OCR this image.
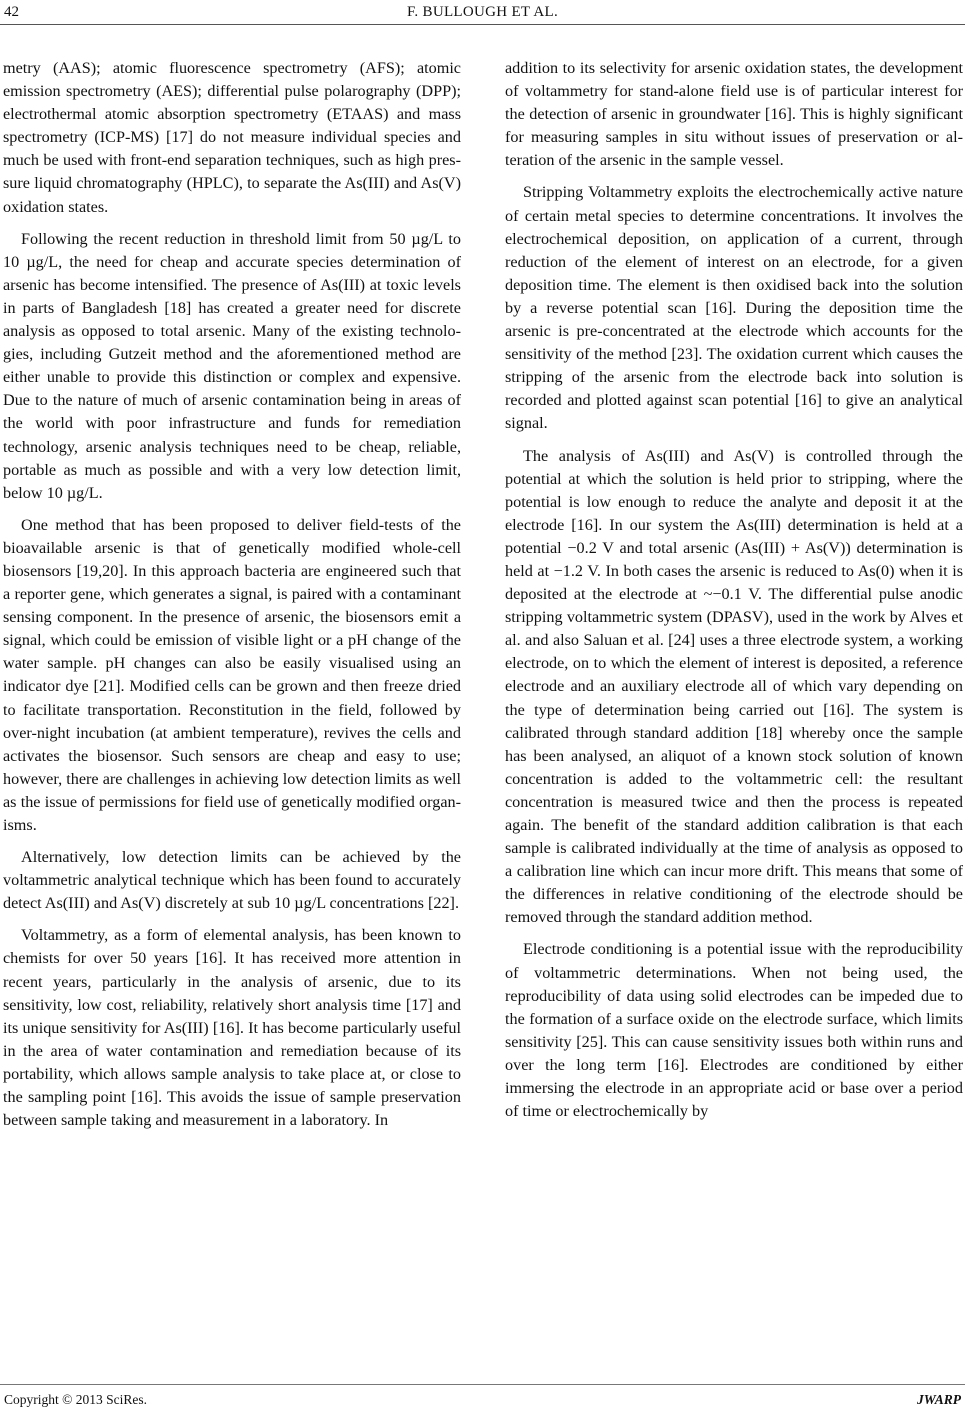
42	F. BULLOUGH ET AL.

metry (AAS); atomic fluorescence spectrometry (AFS); atomic emission spectrometry (AES); differential pulse polarography (DPP); electrothermal atomic absorption spectrometry (ETAAS) and mass spectrometry (ICP-MS) [17] do not measure individual species and much be used with front-end separation techniques, such as high pressure liquid chromatography (HPLC), to separate the As(III) and As(V) oxidation states.

Following the recent reduction in threshold limit from 50 µg/L to 10 µg/L, the need for cheap and accurate species determination of arsenic has become intensified. The presence of As(III) at toxic levels in parts of Bangladesh [18] has created a greater need for discrete analysis as opposed to total arsenic. Many of the existing technologies, including Gutzeit method and the aforementioned method are either unable to provide this distinction or complex and expensive. Due to the nature of much of arsenic contamination being in areas of the world with poor infrastructure and funds for remediation technology, arsenic analysis techniques need to be cheap, reliable, portable as much as possible and with a very low detection limit, below 10 µg/L.

One method that has been proposed to deliver field-tests of the bioavailable arsenic is that of genetically modified whole-cell biosensors [19,20]. In this approach bacteria are engineered such that a reporter gene, which generates a signal, is paired with a contaminant sensing component. In the presence of arsenic, the biosensors emit a signal, which could be emission of visible light or a pH change of the water sample. pH changes can also be easily visualised using an indicator dye [21]. Modified cells can be grown and then freeze dried to facilitate transportation. Reconstitution in the field, followed by over-night incubation (at ambient temperature), revives the cells and activates the biosensor. Such sensors are cheap and easy to use; however, there are challenges in achieving low detection limits as well as the issue of permissions for field use of genetically modified organisms.

Alternatively, low detection limits can be achieved by the voltammetric analytical technique which has been found to accurately detect As(III) and As(V) discretely at sub 10 µg/L concentrations [22].

Voltammetry, as a form of elemental analysis, has been known to chemists for over 50 years [16]. It has received more attention in recent years, particularly in the analysis of arsenic, due to its sensitivity, low cost, reliability, relatively short analysis time [17] and its unique sensitivity for As(III) [16]. It has become particularly useful in the area of water contamination and remediation because of its portability, which allows sample analysis to take place at, or close to the sampling point [16]. This avoids the issue of sample preservation between sample taking and measurement in a laboratory. In

addition to its selectivity for arsenic oxidation states, the development of voltammetry for stand-alone field use is of particular interest for the detection of arsenic in groundwater [16]. This is highly significant for measuring samples in situ without issues of preservation or alteration of the arsenic in the sample vessel.

Stripping Voltammetry exploits the electrochemically active nature of certain metal species to determine concentrations. It involves the electrochemical deposition, on application of a current, through reduction of the element of interest on an electrode, for a given deposition time. The element is then oxidised back into the solution by a reverse potential scan [16]. During the deposition time the arsenic is pre-concentrated at the electrode which accounts for the sensitivity of the method [23]. The oxidation current which causes the stripping of the arsenic from the electrode back into solution is recorded and plotted against scan potential [16] to give an analytical signal.

The analysis of As(III) and As(V) is controlled through the potential at which the solution is held prior to stripping, where the potential is low enough to reduce the analyte and deposit it at the electrode [16]. In our system the As(III) determination is held at a potential −0.2 V and total arsenic (As(III) + As(V)) determination is held at −1.2 V. In both cases the arsenic is reduced to As(0) when it is deposited at the electrode at ~−0.1 V. The differential pulse anodic stripping voltammetric system (DPASV), used in the work by Alves et al. and also Saluan et al. [24] uses a three electrode system, a working electrode, on to which the element of interest is deposited, a reference electrode and an auxiliary electrode all of which vary depending on the type of determination being carried out [16]. The system is calibrated through standard addition [18] whereby once the sample has been analysed, an aliquot of a known stock solution of known concentration is added to the voltammetric cell: the resultant concentration is measured twice and then the process is repeated again. The benefit of the standard addition calibration is that each sample is calibrated individually at the time of analysis as opposed to a calibration line which can incur more drift. This means that some of the differences in relative conditioning of the electrode should be removed through the standard addition method.

Electrode conditioning is a potential issue with the reproducibility of voltammetric determinations. When not being used, the reproducibility of data using solid electrodes can be impeded due to the formation of a surface oxide on the electrode surface, which limits sensitivity [25]. This can cause sensitivity issues both within runs and over the long term [16]. Electrodes are conditioned by either immersing the electrode in an appropriate acid or base over a period of time or electrochemically by

Copyright © 2013 SciRes.	JWARP
